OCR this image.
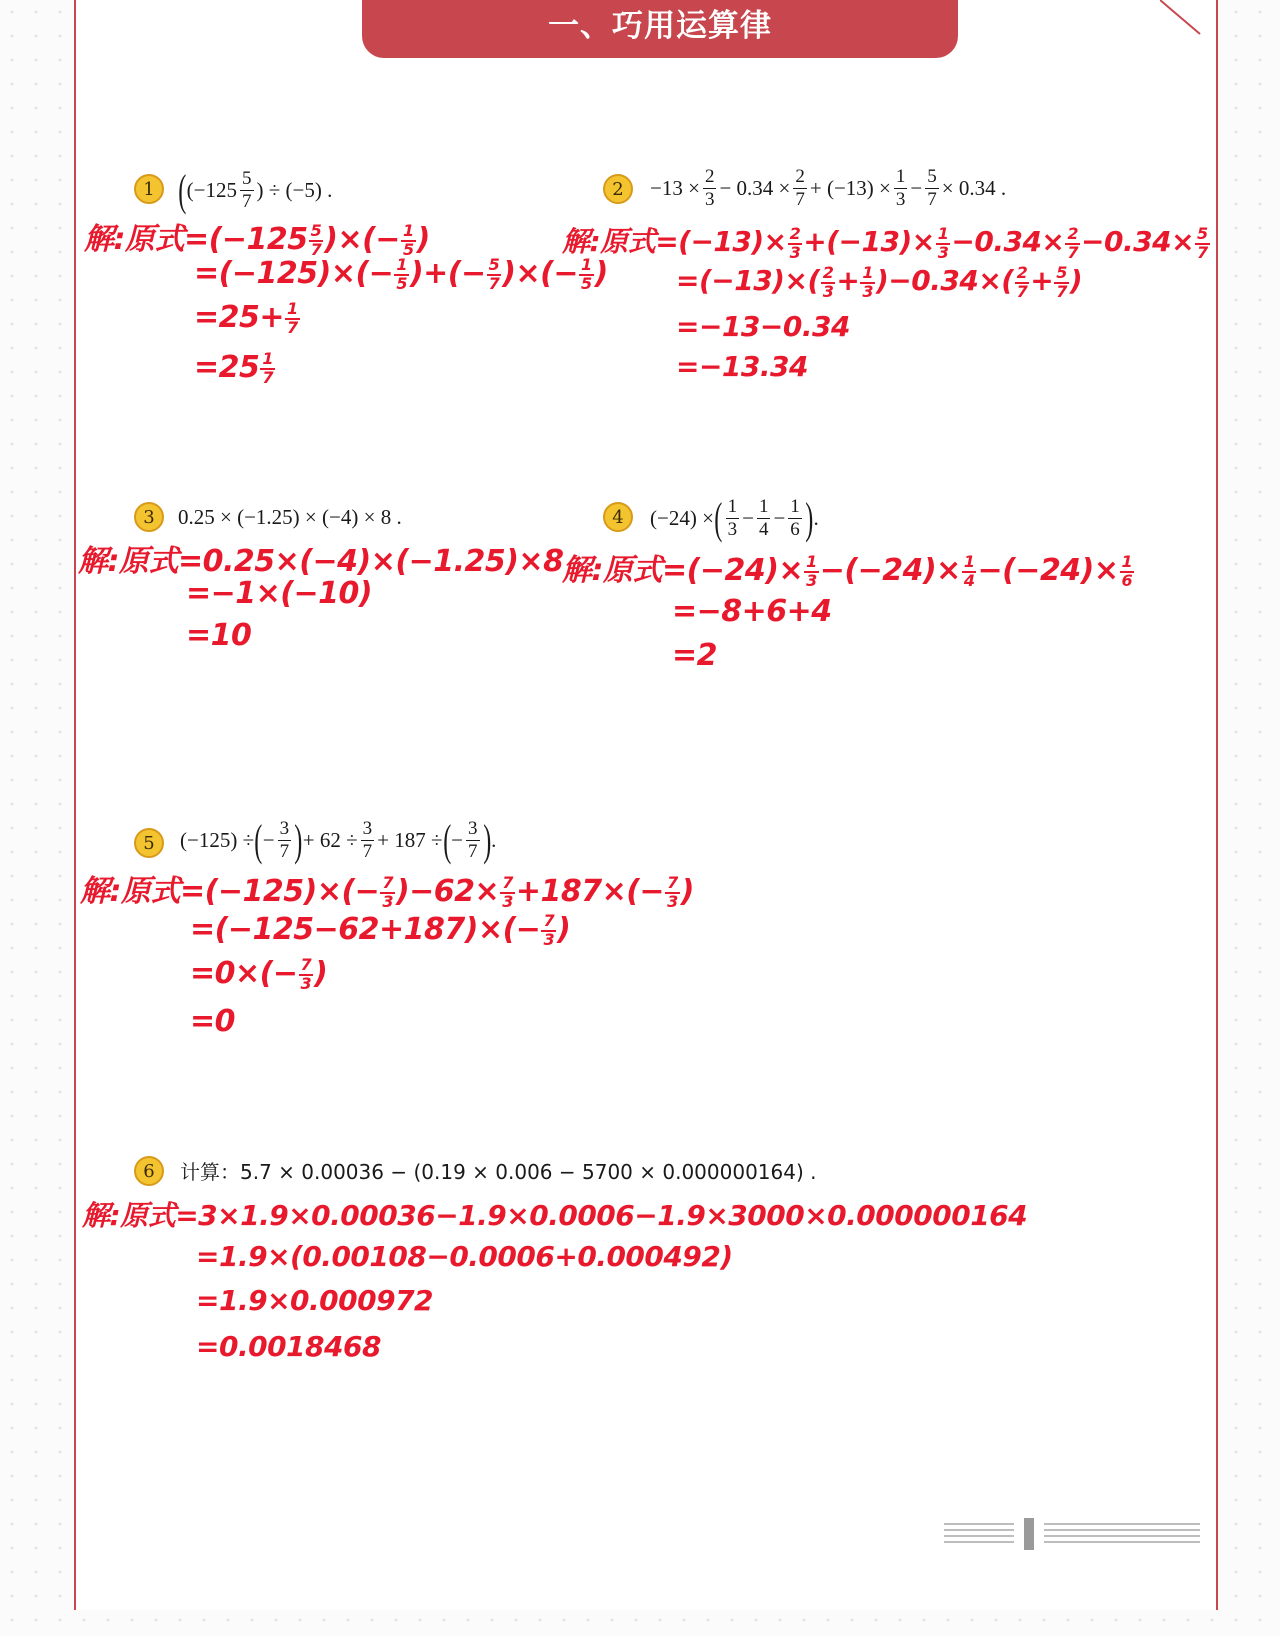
一、巧用运算律
1 ( ($-125 \frac{5}{7}$ ) ÷ (−5) .
解:原式$=(-125 \frac{5}{7}$ )×(− $\frac{1}{5}$ )
$=(-125)\times(- \frac{1}{5}$ )+(− $\frac{5}{7}$ )×(− $\frac{1}{5}$ )
$=25+ \frac{1}{7}$
$=25 \frac{1}{7}$
2	$-13 \times \frac{2}{3} - 0.34 \times \frac{2}{7} + (-13) \times \frac{1}{3} - \frac{5}{7} \times 0.34$ .
解:原式$=(-13)\times \frac{2}{3} +(-13)\times \frac{1}{3} -0.34\times \frac{2}{7} -0.34\times \frac{5}{7}$
$=(-13)\times( \frac{2}{3} + \frac{1}{3} )-0.34\times( \frac{2}{7} + \frac{5}{7}$ )
=−13−0.34
=−13.34
3	0.25 × (−1.25) × (−4) × 8 .
解:原式=0.25×(−4)×(−1.25)×8
=−1×(−10)
=10
4	(−24) × ( $\frac{1}{3} - \frac{1}{4} - \frac{1}{6}$ ) .
解:原式$=(-24)\times \frac{1}{3} -(-24)\times \frac{1}{4} -(-24)\times \frac{1}{6}$
=−8+6+4
=2
5	(−125) ÷ ( − $\frac{3}{7}$ ) + $62 \div \frac{3}{7} + 187$ ÷ ( − $\frac{3}{7}$ ) .
解:原式$=(-125)\times(- \frac{7}{3} )-62\times \frac{7}{3} +187\times(- \frac{7}{3}$ )
$=(-125-62+187)\times(- \frac{7}{3}$ )
$=0\times(- \frac{7}{3}$ )
=0
6	计算：5.7 × 0.00036 − (0.19 × 0.006 − 5700 × 0.000000164) .
解:原式=3×1.9×0.00036−1.9×0.0006−1.9×3000×0.000000164
=1.9×(0.00108−0.0006+0.000492)
=1.9×0.000972
=0.0018468
